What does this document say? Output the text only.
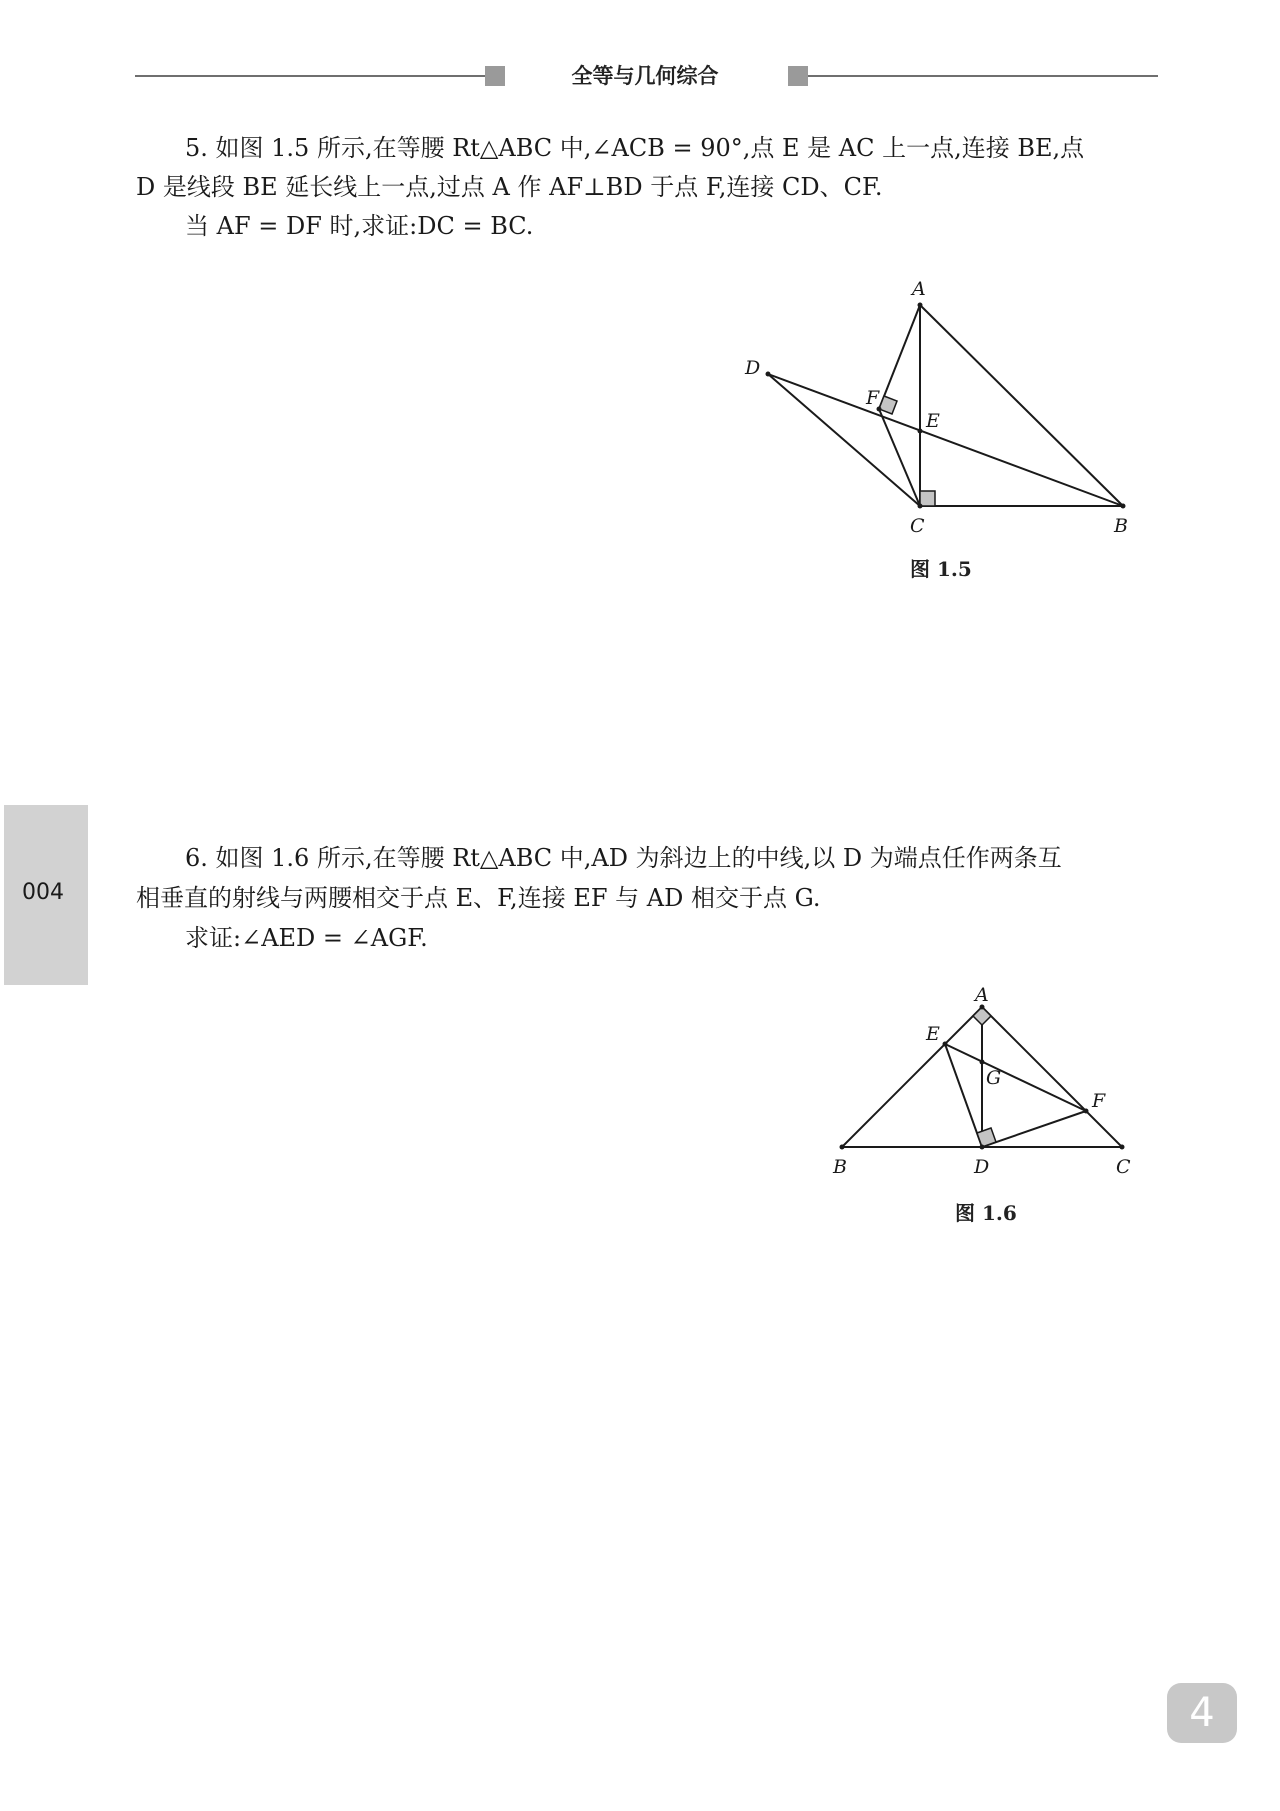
全等与几何综合
5. 如图 1.5 所示,在等腰 Rt△ABC 中,∠ACB = 90°,点 E 是 AC 上一点,连接 BE,点
D 是线段 BE 延长线上一点,过点 A 作 AF⊥BD 于点 F,连接 CD、CF.
当 AF = DF 时,求证:DC = BC.
A
D
F
E
C	B
图 1.5
004
6. 如图 1.6 所示,在等腰 Rt△ABC 中,AD 为斜边上的中线,以 D 为端点任作两条互
相垂直的射线与两腰相交于点 E、F,连接 EF 与 AD 相交于点 G.
求证:∠AED = ∠AGF.
A
E
G
F
B	D	C
图 1.6
4
